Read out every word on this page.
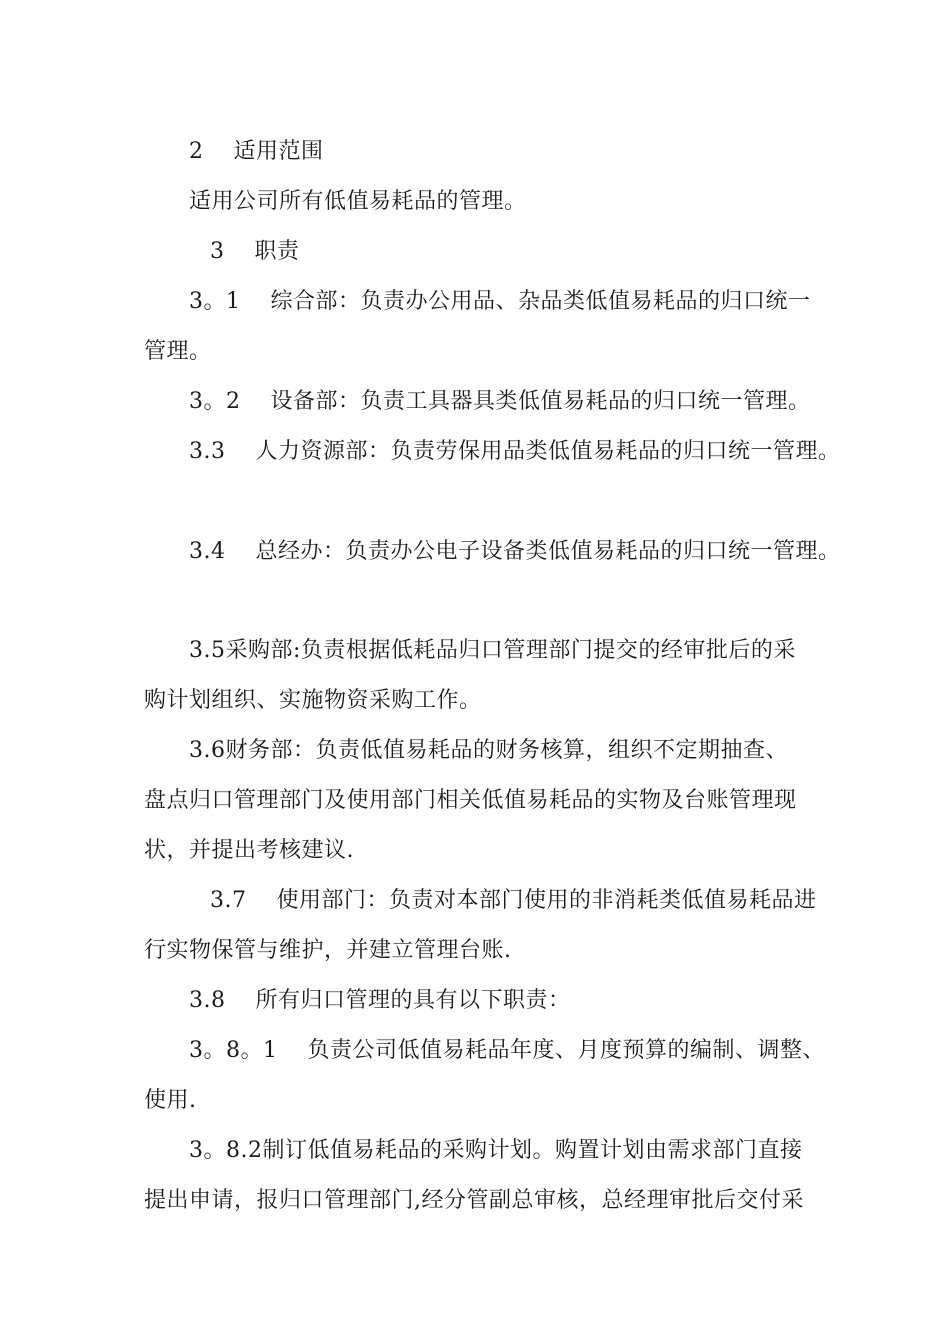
2　 适用范围
适用公司所有低值易耗品的管理。
3　 职责
3。1　 综合部：负责办公用品、杂品类低值易耗品的归口统一
管理。
3。2　 设备部：负责工具器具类低值易耗品的归口统一管理。
3.3　 人力资源部：负责劳保用品类低值易耗品的归口统一管理。
3.4　 总经办：负责办公电子设备类低值易耗品的归口统一管理。
3.5采购部:负责根据低耗品归口管理部门提交的经审批后的采
购计划组织、实施物资采购工作。
3.6财务部：负责低值易耗品的财务核算，组织不定期抽查、
盘点归口管理部门及使用部门相关低值易耗品的实物及台账管理现
状，并提出考核建议.
3.7　 使用部门：负责对本部门使用的非消耗类低值易耗品进
行实物保管与维护，并建立管理台账.
3.8　 所有归口管理的具有以下职责：
3。8。1　 负责公司低值易耗品年度、月度预算的编制、调整、
使用.
3。8.2制订低值易耗品的采购计划。购置计划由需求部门直接
提出申请，报归口管理部门,经分管副总审核，总经理审批后交付采
